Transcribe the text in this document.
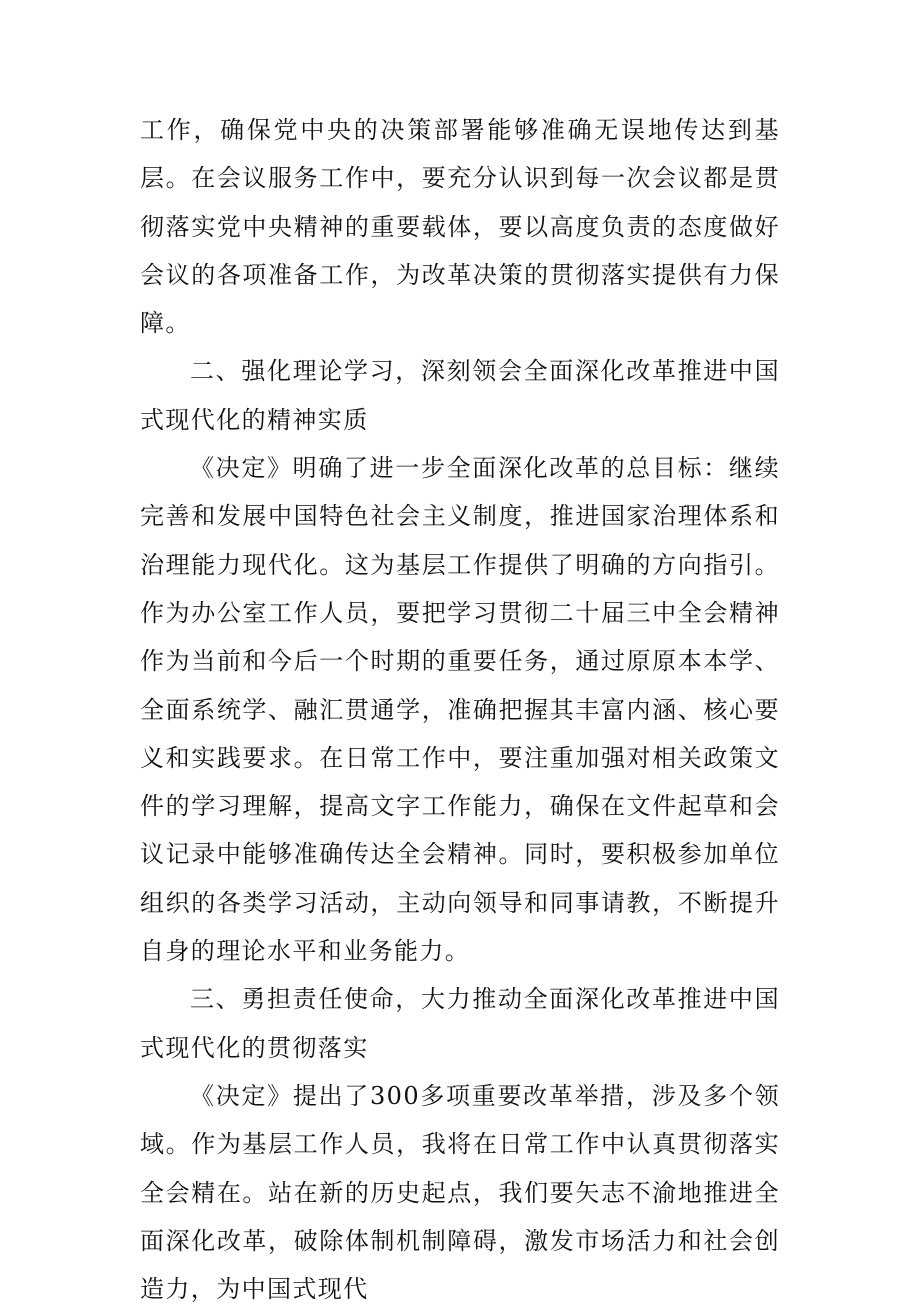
工作，确保党中央的决策部署能够准确无误地传达到基层。在会议服务工作中，要充分认识到每一次会议都是贯彻落实党中央精神的重要载体，要以高度负责的态度做好会议的各项准备工作，为改革决策的贯彻落实提供有力保障。

二、强化理论学习，深刻领会全面深化改革推进中国式现代化的精神实质

《决定》明确了进一步全面深化改革的总目标：继续完善和发展中国特色社会主义制度，推进国家治理体系和治理能力现代化。这为基层工作提供了明确的方向指引。作为办公室工作人员，要把学习贯彻二十届三中全会精神作为当前和今后一个时期的重要任务，通过原原本本学、全面系统学、融汇贯通学，准确把握其丰富内涵、核心要义和实践要求。在日常工作中，要注重加强对相关政策文件的学习理解，提高文字工作能力，确保在文件起草和会议记录中能够准确传达全会精神。同时，要积极参加单位组织的各类学习活动，主动向领导和同事请教，不断提升自身的理论水平和业务能力。

三、勇担责任使命，大力推动全面深化改革推进中国式现代化的贯彻落实

《决定》提出了300多项重要改革举措，涉及多个领域。作为基层工作人员，我将在日常工作中认真贯彻落实全会精在。站在新的历史起点，我们要矢志不渝地推进全面深化改革，破除体制机制障碍，激发市场活力和社会创造力，为中国式现代
